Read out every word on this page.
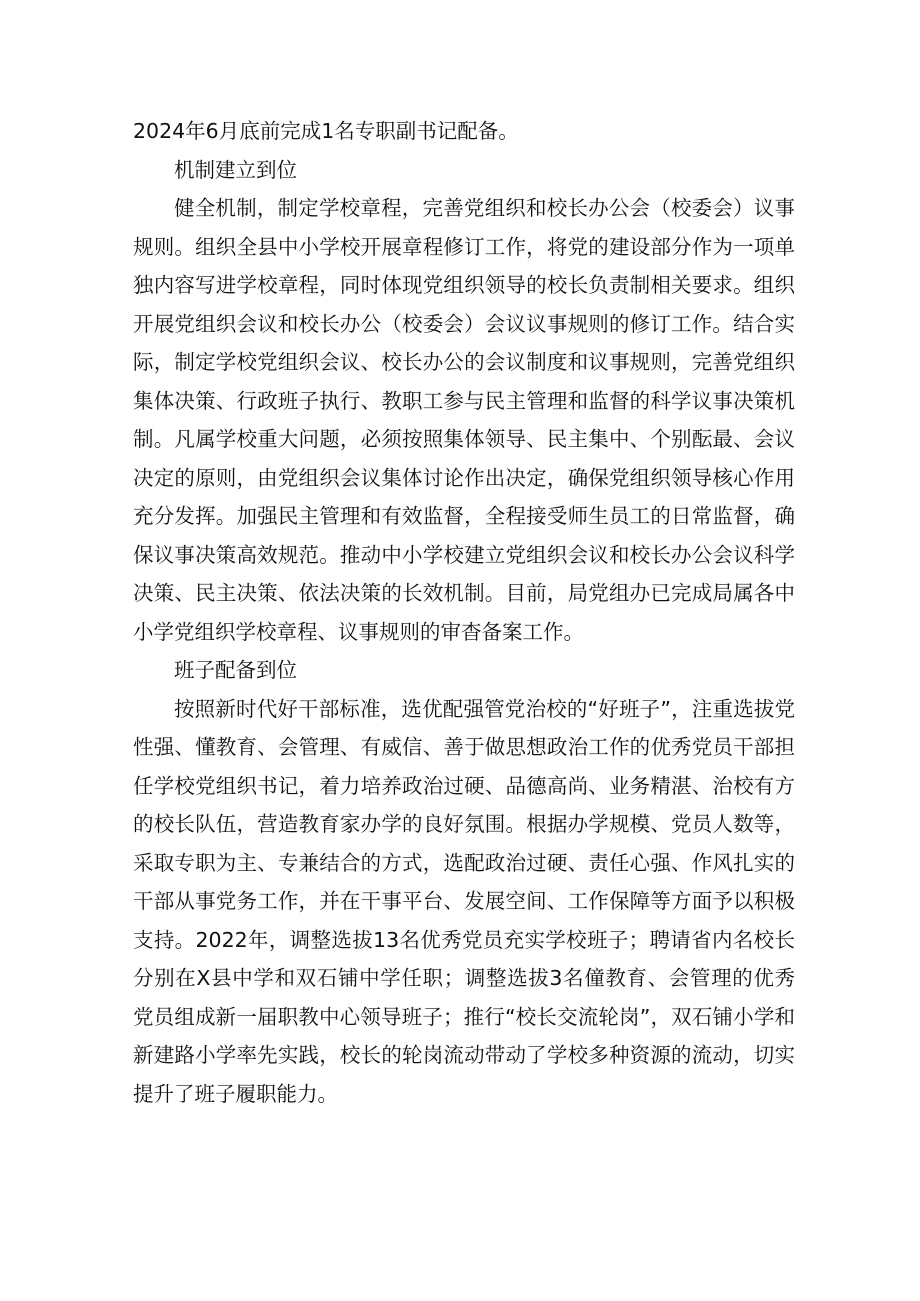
2024年6月底前完成1名专职副书记配备。

机制建立到位

健全机制，制定学校章程，完善党组织和校长办公会（校委会）议事规则。组织全县中小学校开展章程修订工作，将党的建设部分作为一项单独内容写进学校章程，同时体现党组织领导的校长负责制相关要求。组织开展党组织会议和校长办公（校委会）会议议事规则的修订工作。结合实际，制定学校党组织会议、校长办公的会议制度和议事规则，完善党组织集体决策、行政班子执行、教职工参与民主管理和监督的科学议事决策机制。凡属学校重大问题，必须按照集体领导、民主集中、个别酝最、会议决定的原则，由党组织会议集体讨论作出决定，确保党组织领导核心作用充分发挥。加强民主管理和有效监督，全程接受师生员工的日常监督，确保议事决策高效规范。推动中小学校建立党组织会议和校长办公会议科学决策、民主决策、依法决策的长效机制。目前，局党组办已完成局属各中小学党组织学校章程、议事规则的审杳备案工作。

班子配备到位

按照新时代好干部标准，选优配强管党治校的“好班子”，注重选拔党性强、懂教育、会管理、有威信、善于做思想政治工作的优秀党员干部担任学校党组织书记，着力培养政治过硬、品德高尚、业务精湛、治校有方的校长队伍，营造教育家办学的良好氛围。根据办学规模、党员人数等，采取专职为主、专兼结合的方式，选配政治过硬、责任心强、作风扎实的干部从事党务工作，并在干事平台、发展空间、工作保障等方面予以积极支持。2022年，调整选拔13名优秀党员充实学校班子；聘请省内名校长分别在X县中学和双石铺中学任职；调整选拔3名僮教育、会管理的优秀党员组成新一届职教中心领导班子；推行“校长交流轮岗”，双石铺小学和新建路小学率先实践，校长的轮岗流动带动了学校多种资源的流动，切实提升了班子履职能力。
